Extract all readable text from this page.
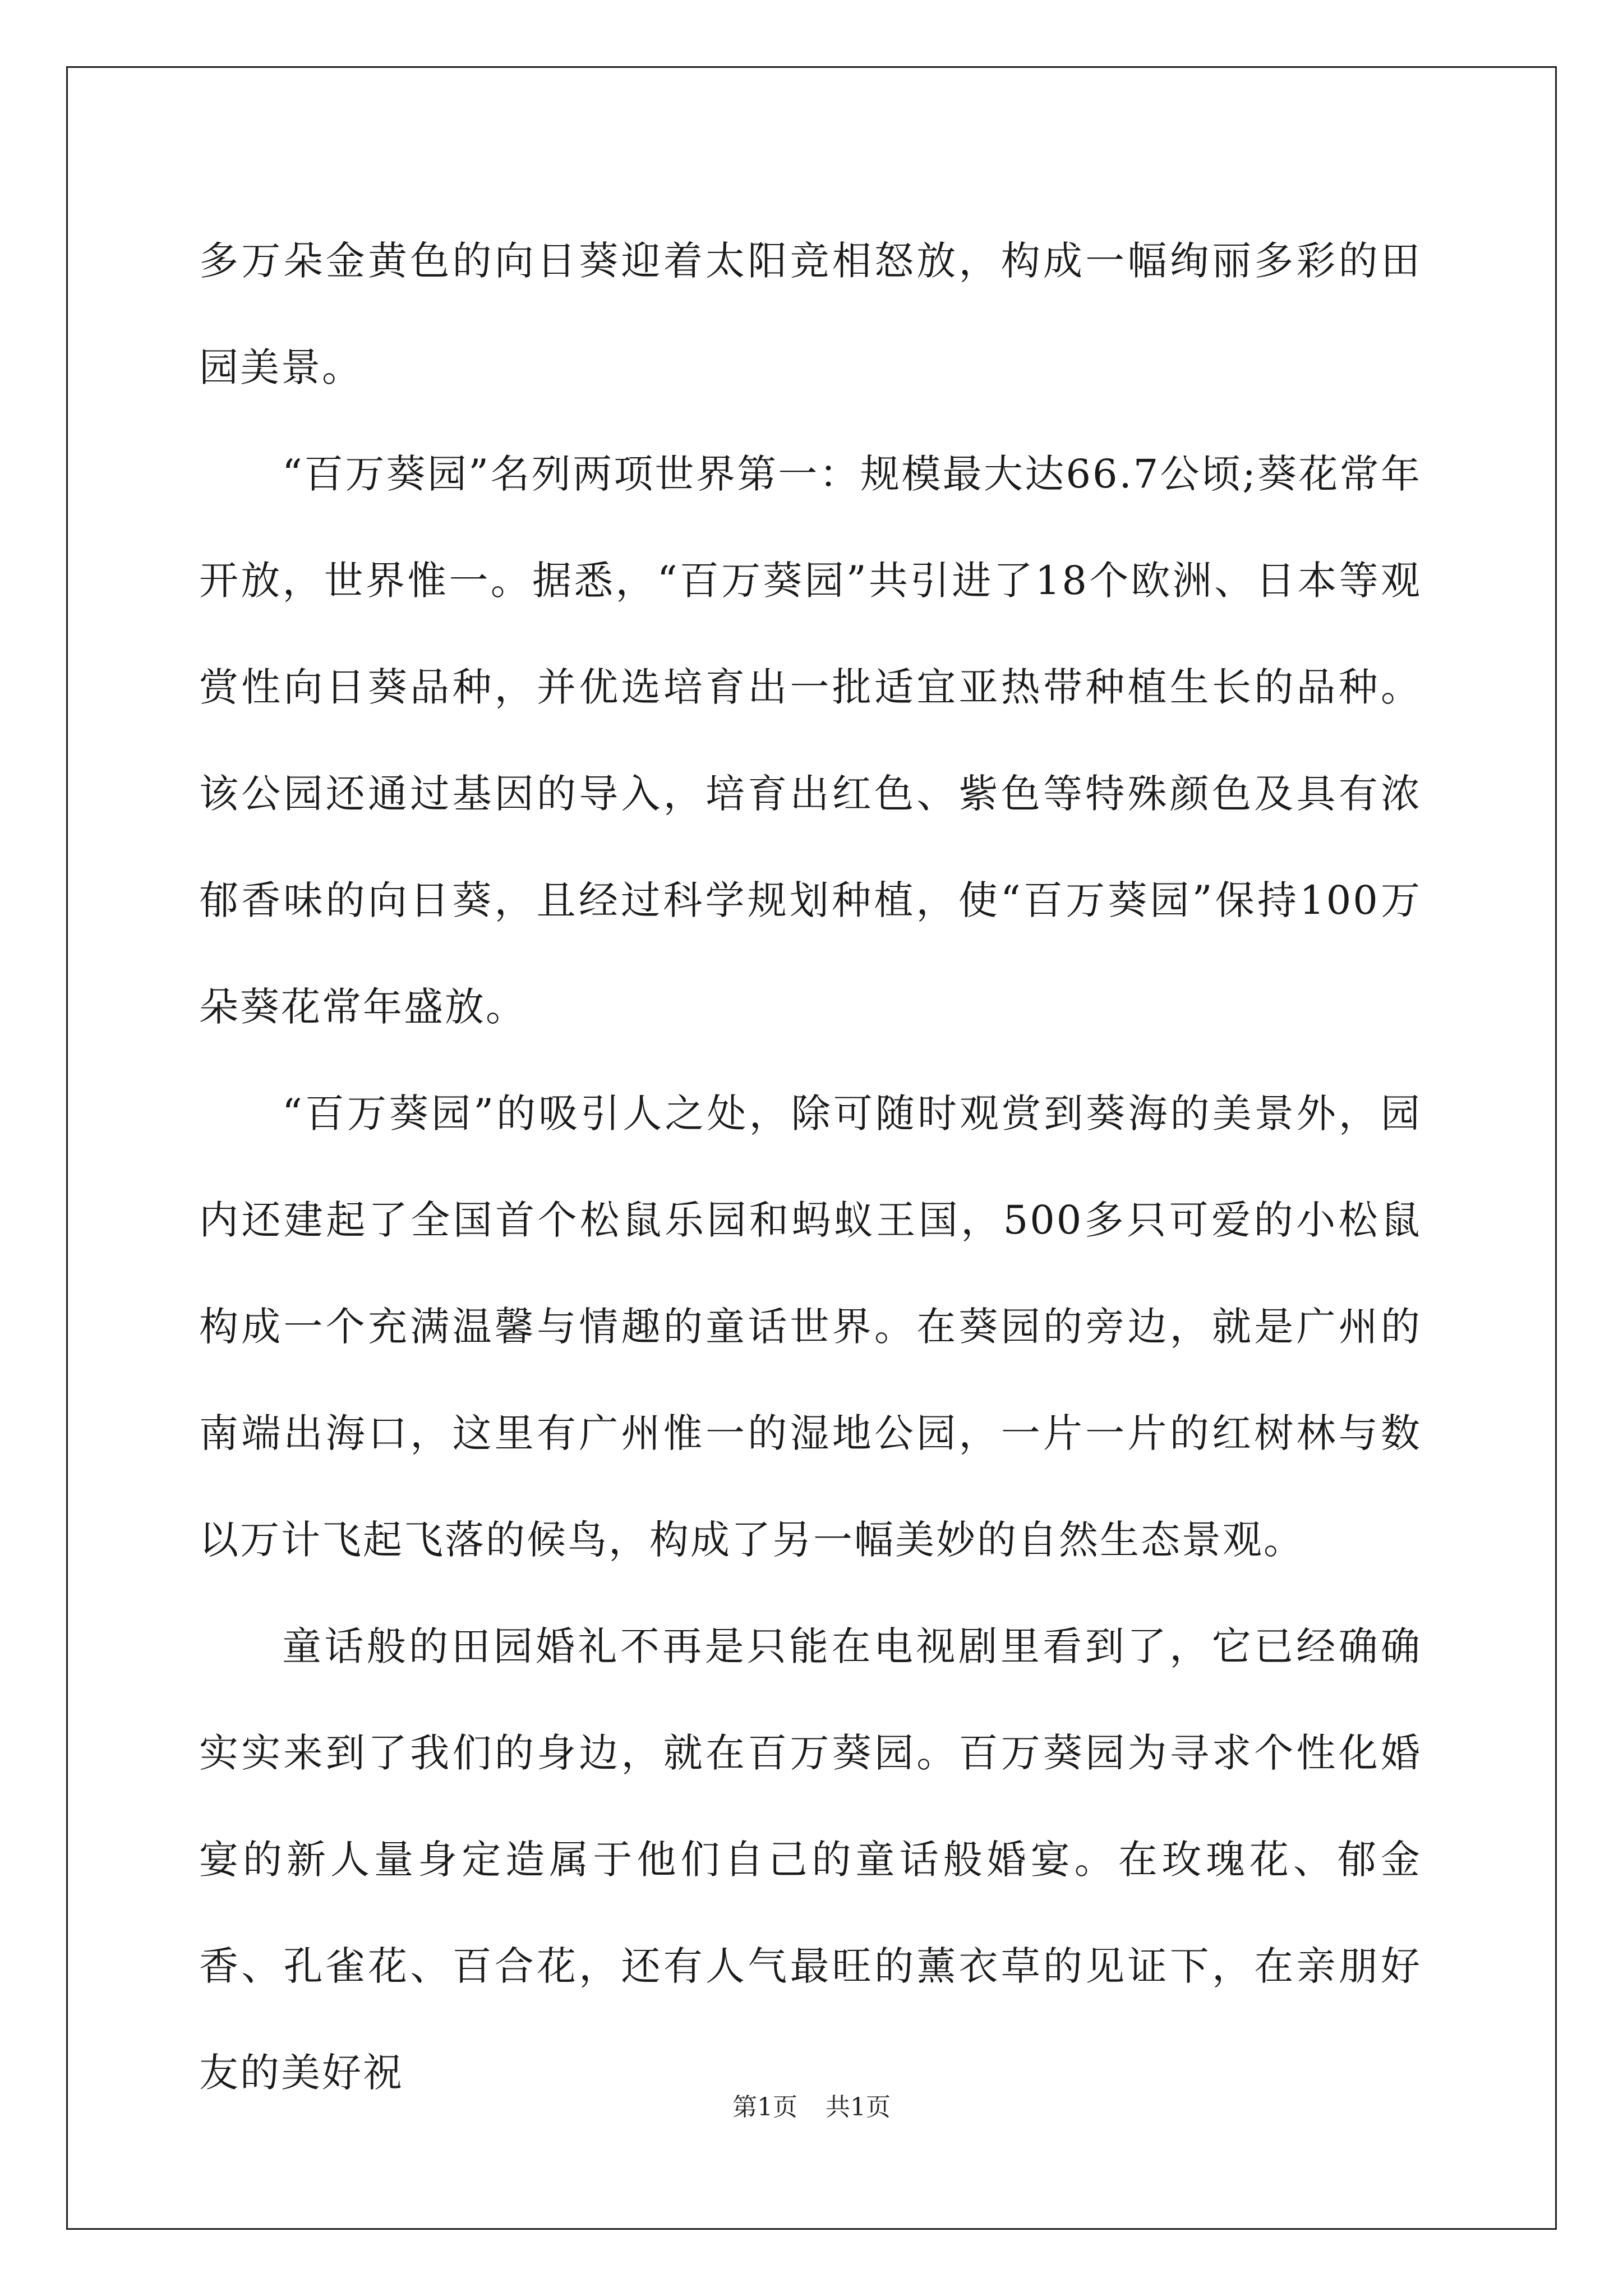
多万朵金黄色的向日葵迎着太阳竞相怒放，构成一幅绚丽多彩的田园美景。

“百万葵园”名列两项世界第一：规模最大达66.7公顷;葵花常年开放，世界惟一。据悉，“百万葵园”共引进了18个欧洲、日本等观赏性向日葵品种，并优选培育出一批适宜亚热带种植生长的品种。该公园还通过基因的导入，培育出红色、紫色等特殊颜色及具有浓郁香味的向日葵，且经过科学规划种植，使“百万葵园”保持100万朵葵花常年盛放。

“百万葵园”的吸引人之处，除可随时观赏到葵海的美景外，园内还建起了全国首个松鼠乐园和蚂蚁王国，500多只可爱的小松鼠构成一个充满温馨与情趣的童话世界。在葵园的旁边，就是广州的南端出海口，这里有广州惟一的湿地公园，一片一片的红树林与数以万计飞起飞落的候鸟，构成了另一幅美妙的自然生态景观。

童话般的田园婚礼不再是只能在电视剧里看到了，它已经确确实实来到了我们的身边，就在百万葵园。百万葵园为寻求个性化婚宴的新人量身定造属于他们自己的童话般婚宴。在玫瑰花、郁金香、孔雀花、百合花，还有人气最旺的薰衣草的见证下，在亲朋好友的美好祝

第1页 共1页
